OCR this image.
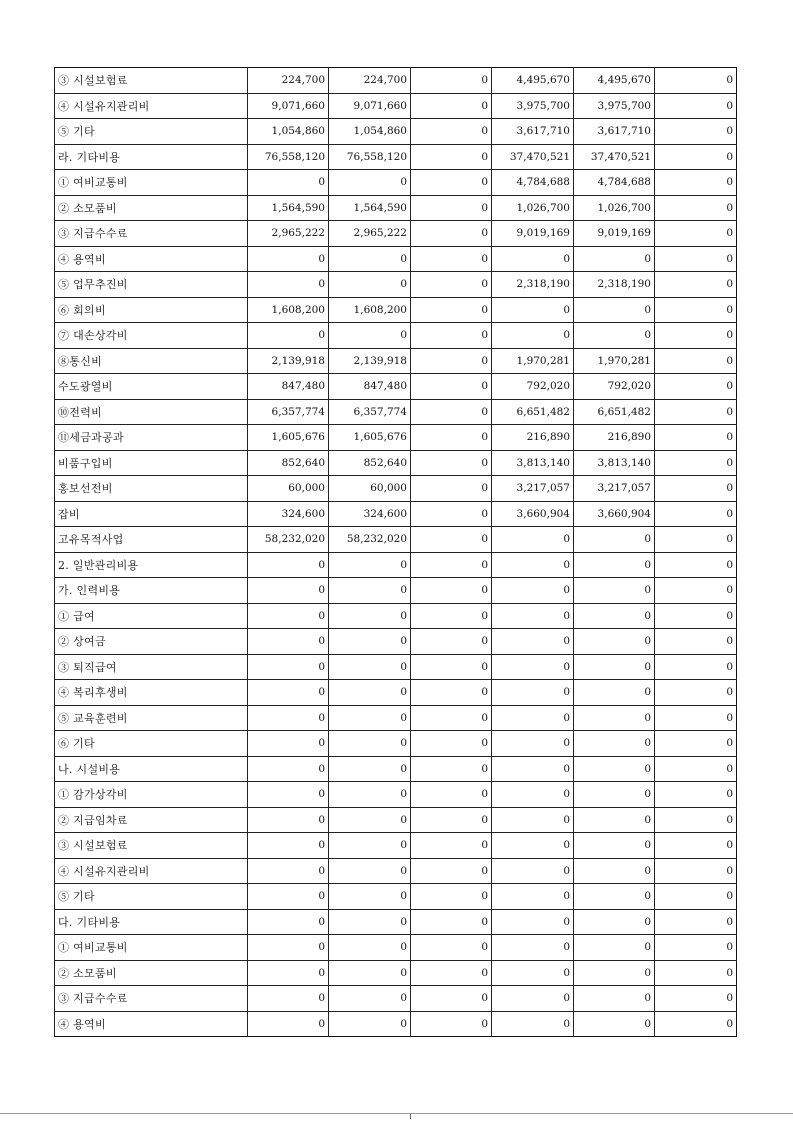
③ 시설보험료	224,700	224,700	0	4,495,670	4,495,670	0
④ 시설유지관리비	9,071,660	9,071,660	0	3,975,700	3,975,700	0
⑤ 기타	1,054,860	1,054,860	0	3,617,710	3,617,710	0
라. 기타비용	76,558,120	76,558,120	0	37,470,521	37,470,521	0
① 여비교통비	0	0	0	4,784,688	4,784,688	0
② 소모품비	1,564,590	1,564,590	0	1,026,700	1,026,700	0
③ 지급수수료	2,965,222	2,965,222	0	9,019,169	9,019,169	0
④ 용역비	0	0	0	0	0	0
⑤ 업무추진비	0	0	0	2,318,190	2,318,190	0
⑥ 회의비	1,608,200	1,608,200	0	0	0	0
⑦ 대손상각비	0	0	0	0	0	0
⑧통신비	2,139,918	2,139,918	0	1,970,281	1,970,281	0
수도광열비	847,480	847,480	0	792,020	792,020	0
⑩전력비	6,357,774	6,357,774	0	6,651,482	6,651,482	0
⑪세금과공과	1,605,676	1,605,676	0	216,890	216,890	0
비품구입비	852,640	852,640	0	3,813,140	3,813,140	0
홍보선전비	60,000	60,000	0	3,217,057	3,217,057	0
잡비	324,600	324,600	0	3,660,904	3,660,904	0
고유목적사업	58,232,020	58,232,020	0	0	0	0
2. 일반관리비용	0	0	0	0	0	0
가. 인력비용	0	0	0	0	0	0
① 급여	0	0	0	0	0	0
② 상여금	0	0	0	0	0	0
③ 퇴직급여	0	0	0	0	0	0
④ 복리후생비	0	0	0	0	0	0
⑤ 교육훈련비	0	0	0	0	0	0
⑥ 기타	0	0	0	0	0	0
나. 시설비용	0	0	0	0	0	0
① 감가상각비	0	0	0	0	0	0
② 지급임차료	0	0	0	0	0	0
③ 시설보험료	0	0	0	0	0	0
④ 시설유지관리비	0	0	0	0	0	0
⑤ 기타	0	0	0	0	0	0
다. 기타비용	0	0	0	0	0	0
① 여비교통비	0	0	0	0	0	0
② 소모품비	0	0	0	0	0	0
③ 지급수수료	0	0	0	0	0	0
④ 용역비	0	0	0	0	0	0
